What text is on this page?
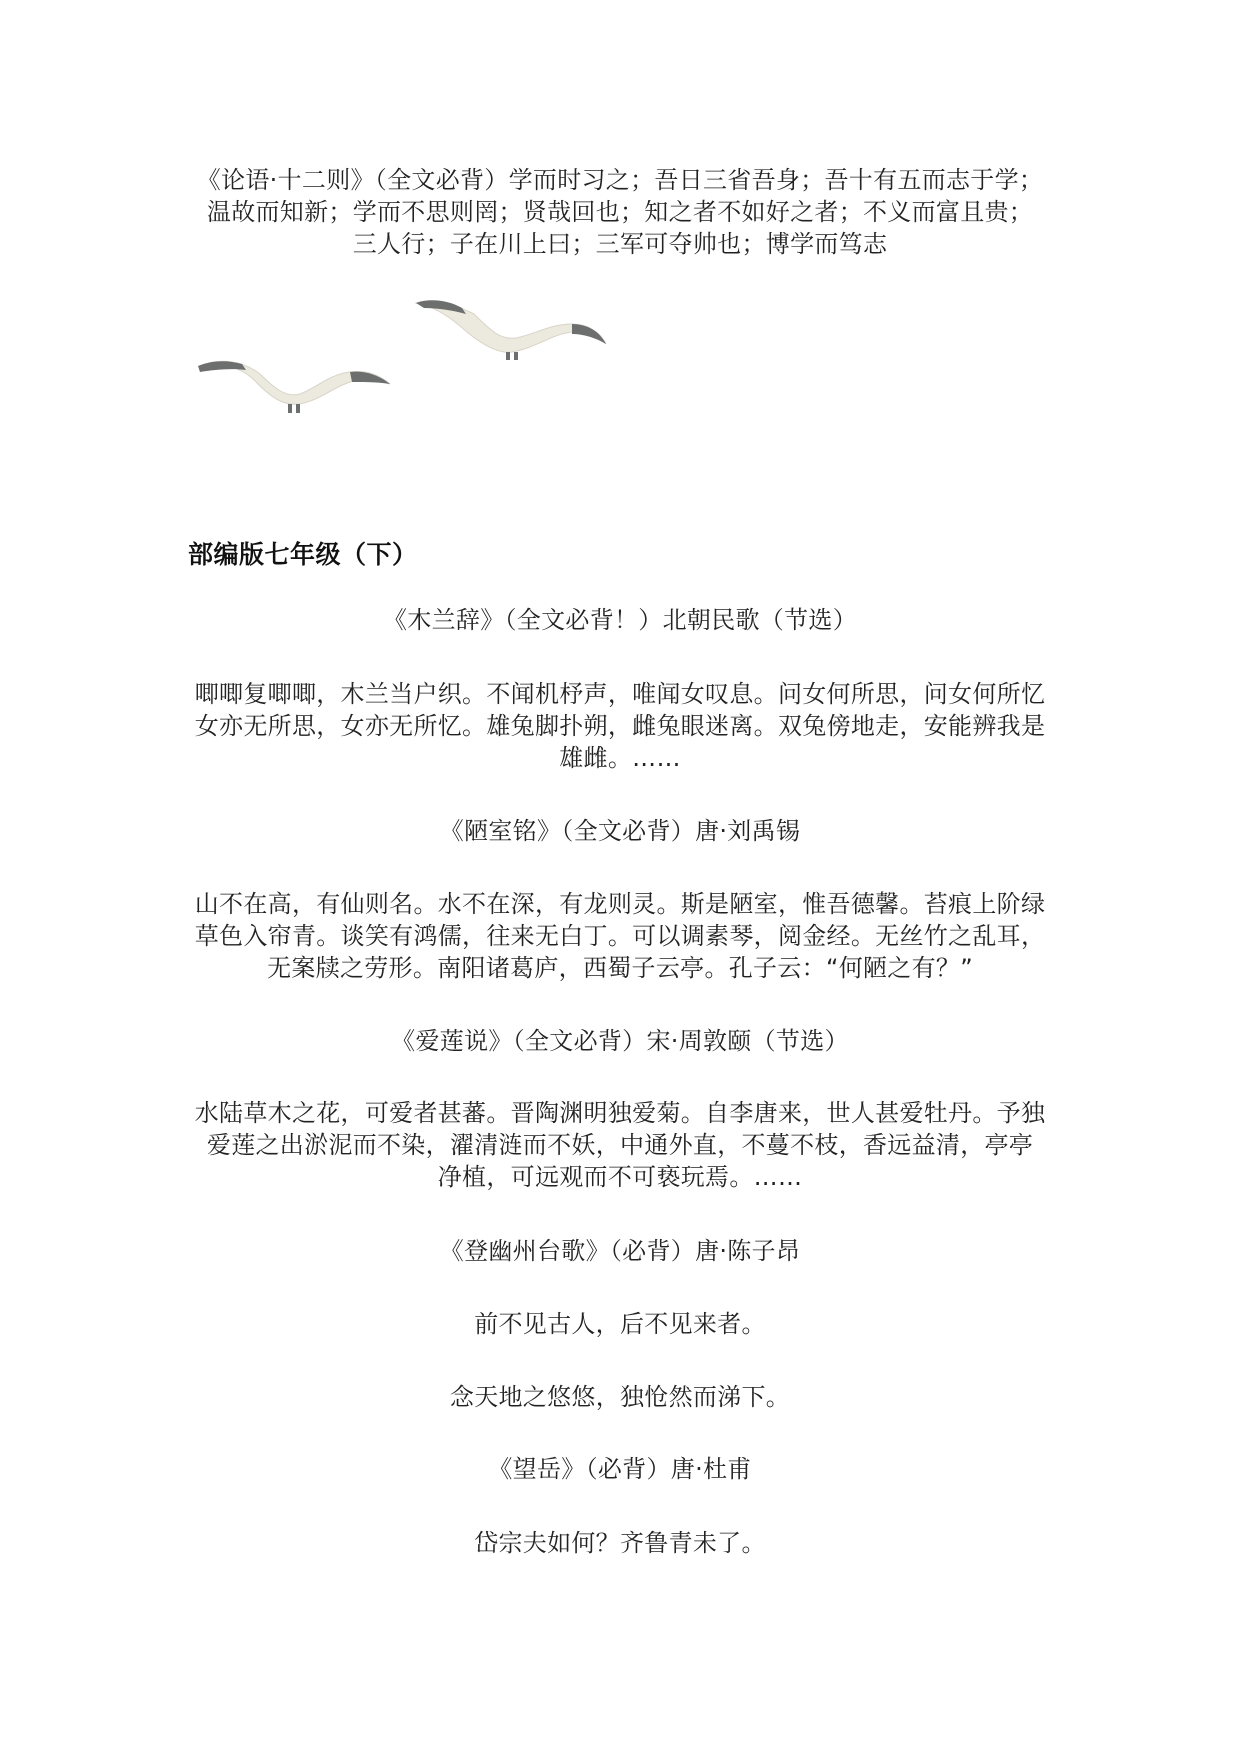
《论语·十二则》（全文必背）学而时习之；吾日三省吾身；吾十有五而志于学；

温故而知新；学而不思则罔；贤哉回也；知之者不如好之者；不义而富且贵；

三人行；子在川上曰；三军可夺帅也；博学而笃志

部编版七年级（下）

《木兰辞》（全文必背！）北朝民歌（节选）

唧唧复唧唧，木兰当户织。不闻机杼声，唯闻女叹息。问女何所思，问女何所忆

女亦无所思，女亦无所忆。雄兔脚扑朔，雌兔眼迷离。双兔傍地走，安能辨我是

雄雌。……

《陋室铭》（全文必背）唐·刘禹锡

山不在高，有仙则名。水不在深，有龙则灵。斯是陋室，惟吾德馨。苔痕上阶绿

草色入帘青。谈笑有鸿儒，往来无白丁。可以调素琴，阅金经。无丝竹之乱耳，

无案牍之劳形。南阳诸葛庐，西蜀子云亭。孔子云：“何陋之有？”

《爱莲说》（全文必背）宋·周敦颐（节选）

水陆草木之花，可爱者甚蕃。晋陶渊明独爱菊。自李唐来，世人甚爱牡丹。予独

爱莲之出淤泥而不染，濯清涟而不妖，中通外直，不蔓不枝，香远益清，亭亭

净植，可远观而不可亵玩焉。……

《登幽州台歌》（必背）唐·陈子昂

前不见古人，后不见来者。

念天地之悠悠，独怆然而涕下。

《望岳》（必背）唐·杜甫

岱宗夫如何？齐鲁青未了。
